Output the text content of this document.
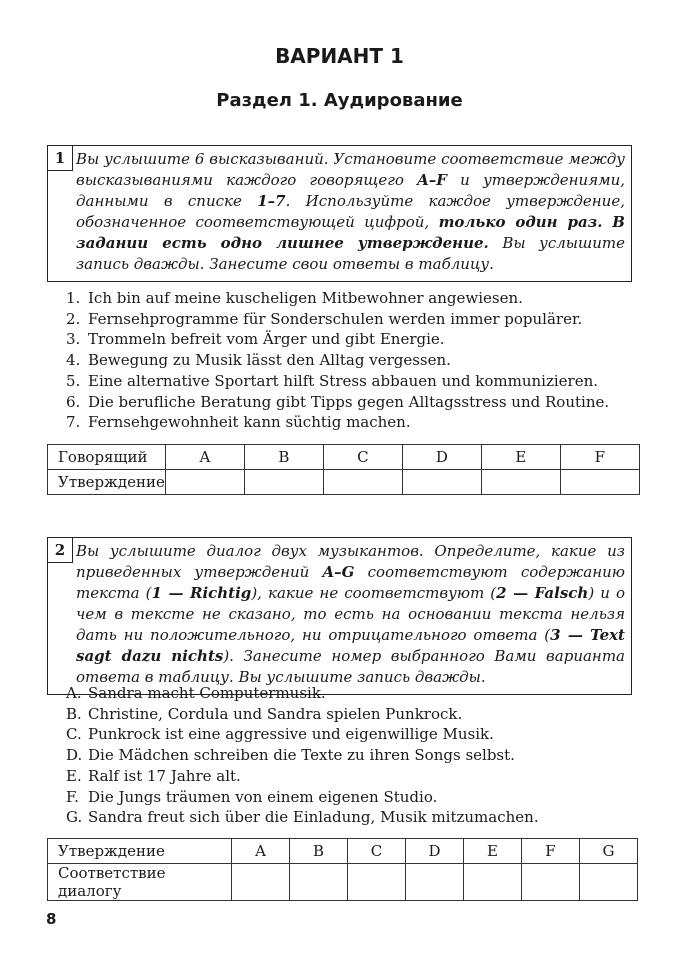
ВАРИАНТ 1
Раздел 1. Аудирование
1 Вы услышите 6 высказываний. Установите соответствие между высказываниями каждого говорящего A–F и утверждениями, данными в списке 1–7. Используйте каждое утверждение, обозначенное соответствующей цифрой, только один раз. В задании есть одно лишнее утверждение. Вы услышите запись дважды. Занесите свои ответы в таблицу.
1. Ich bin auf meine kuscheligen Mitbewohner angewiesen.
2. Fernsehprogramme für Sonderschulen werden immer populärer.
3. Trommeln befreit vom Ärger und gibt Energie.
4. Bewegung zu Musik lässt den Alltag vergessen.
5. Eine alternative Sportart hilft Stress abbauen und kommunizieren.
6. Die berufliche Beratung gibt Tipps gegen Alltagsstress und Routine.
7. Fernsehgewohnheit kann süchtig machen.
Говорящий	A	B	C	D	E	F
Утверждение						
2 Вы услышите диалог двух музыкантов. Определите, какие из приведенных утверждений A–G соответствуют содержанию текста (1 — Richtig), какие не соответствуют (2 — Falsch) и о чем в тексте не сказано, то есть на основании текста нельзя дать ни положительного, ни отрицательного ответа (3 — Text sagt dazu nichts). Занесите номер выбранного Вами варианта ответа в таблицу. Вы услышите запись дважды.
A. Sandra macht Computermusik.
B. Christine, Cordula und Sandra spielen Punkrock.
C. Punkrock ist eine aggressive und eigenwillige Musik.
D. Die Mädchen schreiben die Texte zu ihren Songs selbst.
E. Ralf ist 17 Jahre alt.
F. Die Jungs träumen von einem eigenen Studio.
G. Sandra freut sich über die Einladung, Musik mitzumachen.
Утверждение	A	B	C	D	E	F	G
Соответствие диалогу							
8
